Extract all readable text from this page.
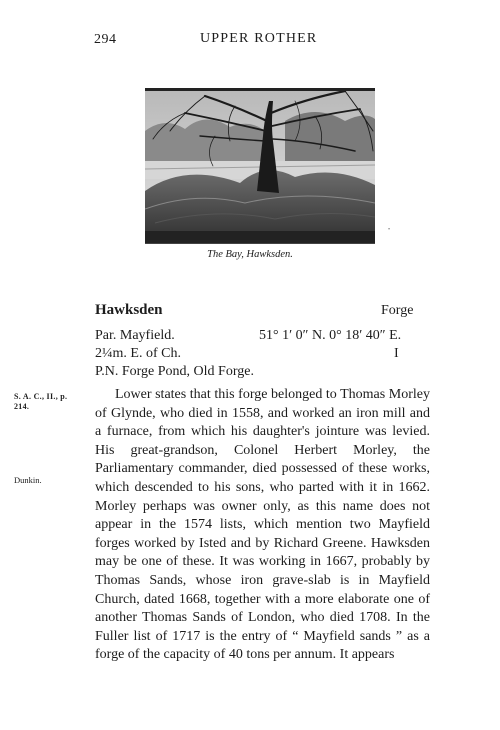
294	UPPER ROTHER
•
The Bay, Hawksden.
Hawksden	Forge
Par. Mayfield.	51° 1′ 0″ N. 0° 18′ 40″ E.
2¼m. E. of Ch.	I
P.N. Forge Pond, Old Forge.
S. A. C., II., p. 214.
Dunkin.

Lower states that this forge belonged to Thomas Morley of Glynde, who died in 1558, and worked an iron mill and a furnace, from which his daughter's jointure was levied. His great-grandson, Colonel Herbert Morley, the Parliamentary commander, died possessed of these works, which descended to his sons, who parted with it in 1662. Morley perhaps was owner only, as this name does not appear in the 1574 lists, which mention two Mayfield forges worked by Isted and by Richard Greene. Hawksden may be one of these. It was working in 1667, probably by Thomas Sands, whose iron grave-slab is in Mayfield Church, dated 1668, together with a more elaborate one of another Thomas Sands of London, who died 1708. In the Fuller list of 1717 is the entry of “ Mayfield sands ” as a forge of the capacity of 40 tons per annum. It appears
